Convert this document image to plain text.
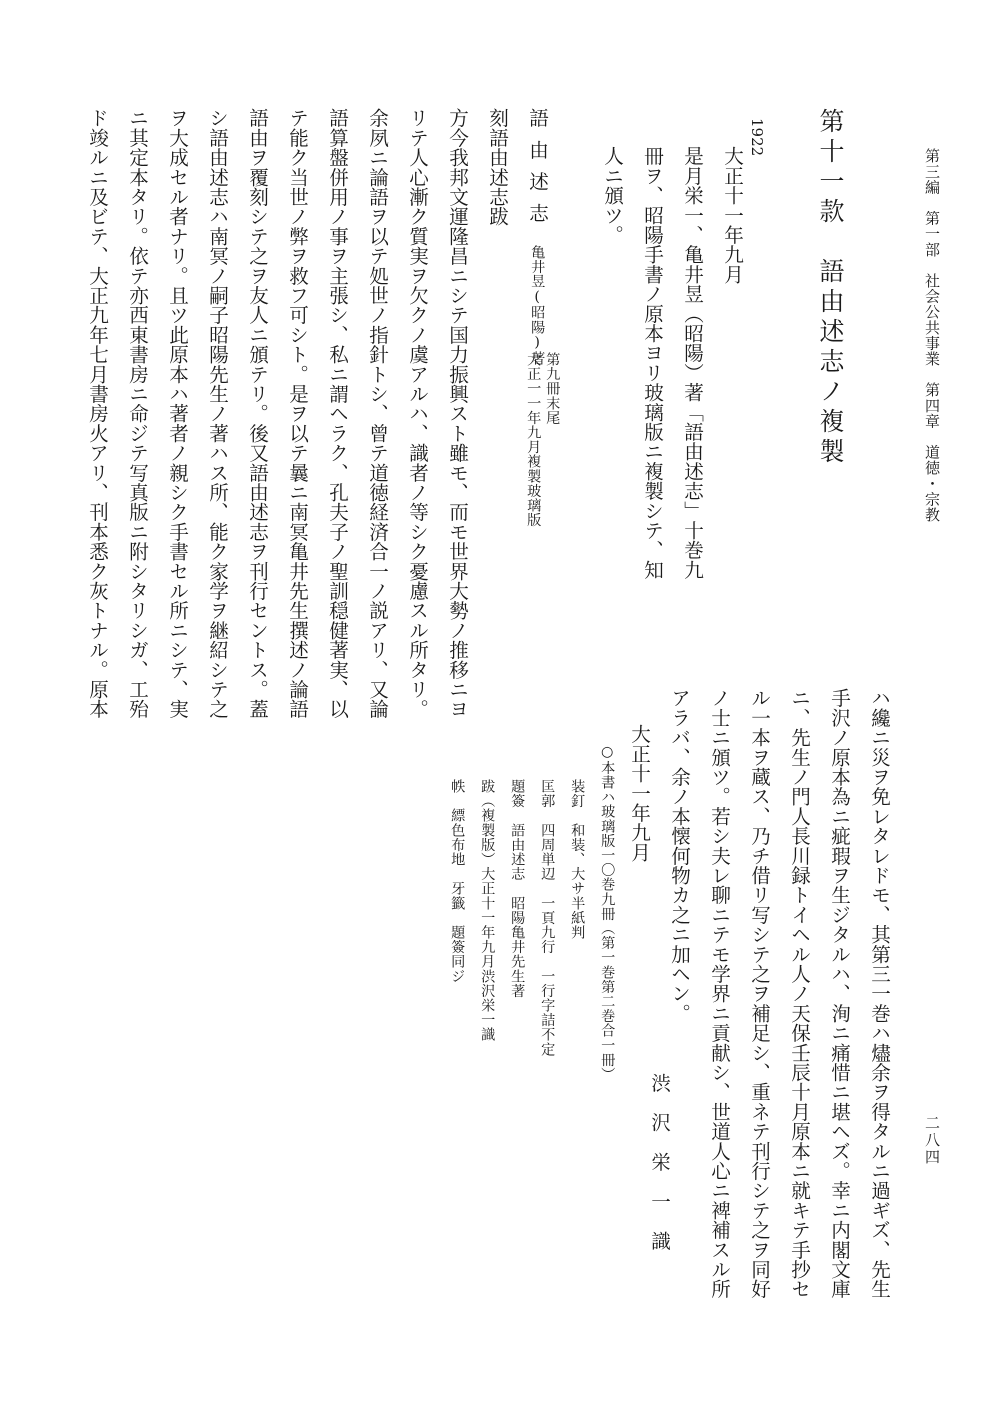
第三編　第一部　社会公共事業　第四章　道徳・宗教
二八四
第十一款　語由述志ノ複製
1922
大正十一年九月
是月栄一、亀井昱（昭陽）著「語由述志」十巻九
冊ヲ、昭陽手書ノ原本ヨリ玻璃版ニ複製シテ、知
人ニ頒ツ。
語由述志
亀井昱(昭陽)著
第九冊末尾
大正一一年九月複製玻璃版
刻語由述志跋
方今我邦文運隆昌ニシテ国力振興スト雖モ、而モ世界大勢ノ推移ニヨ
リテ人心漸ク質実ヲ欠クノ虞アルハ、識者ノ等シク憂慮スル所タリ。
余夙ニ論語ヲ以テ処世ノ指針トシ、曾テ道徳経済合一ノ説アリ、又論
語算盤併用ノ事ヲ主張シ、私ニ謂ヘラク、孔夫子ノ聖訓穏健著実、以
テ能ク当世ノ弊ヲ救フ可シト。是ヲ以テ曩ニ南冥亀井先生撰述ノ論語
語由ヲ覆刻シテ之ヲ友人ニ頒テリ。後又語由述志ヲ刊行セントス。蓋
シ語由述志ハ南冥ノ嗣子昭陽先生ノ著ハス所、能ク家学ヲ継紹シテ之
ヲ大成セル者ナリ。且ツ此原本ハ著者ノ親シク手書セル所ニシテ、実
ニ其定本タリ。依テ亦西東書房ニ命ジテ写真版ニ附シタリシガ、工殆
ド竣ルニ及ビテ、大正九年七月書房火アリ、刊本悉ク灰トナル。原本
ハ纔ニ災ヲ免レタレドモ、其第三一巻ハ燼余ヲ得タルニ過ギズ、先生
手沢ノ原本為ニ疵瑕ヲ生ジタルハ、洵ニ痛惜ニ堪ヘズ。幸ニ内閣文庫
ニ、先生ノ門人長川録トイヘル人ノ天保壬辰十月原本ニ就キテ手抄セ
ル一本ヲ蔵ス、乃チ借リ写シテ之ヲ補足シ、重ネテ刊行シテ之ヲ同好
ノ士ニ頒ツ。若シ夫レ聊ニテモ学界ニ貢献シ、世道人心ニ裨補スル所
アラバ、余ノ本懐何物カ之ニ加ヘン。
大正十一年九月
渋　沢　栄　一　識
○本書ハ玻璃版一〇巻九冊（第一巻第二巻合一冊）
装釘　和装、大サ半紙判
匡郭　四周単辺　一頁九行　一行字詰不定
題簽　語由述志　昭陽亀井先生著
跋（複製版）大正十一年九月渋沢栄一識
帙　縹色布地　牙籤　題簽同ジ
